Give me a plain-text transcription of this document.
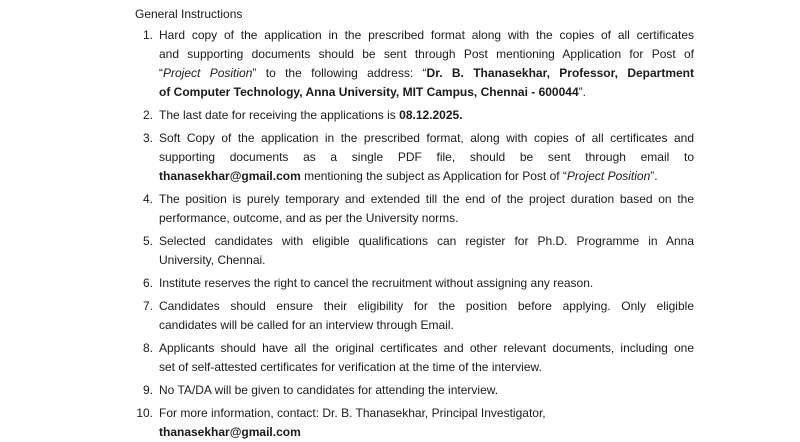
General Instructions
1. Hard copy of the application in the prescribed format along with the copies of all certificates
and supporting documents should be sent through Post mentioning Application for Post of
“Project Position” to the following address: “Dr. B. Thanasekhar, Professor, Department
of Computer Technology, Anna University, MIT Campus, Chennai - 600044”.
2. The last date for receiving the applications is 08.12.2025.
3. Soft Copy of the application in the prescribed format, along with copies of all certificates and
supporting documents as a single PDF file, should be sent through email to
thanasekhar@gmail.com mentioning the subject as Application for Post of “Project Position”.
4. The position is purely temporary and extended till the end of the project duration based on the
performance, outcome, and as per the University norms.
5. Selected candidates with eligible qualifications can register for Ph.D. Programme in Anna
University, Chennai.
6. Institute reserves the right to cancel the recruitment without assigning any reason.
7. Candidates should ensure their eligibility for the position before applying. Only eligible
candidates will be called for an interview through Email.
8. Applicants should have all the original certificates and other relevant documents, including one
set of self-attested certificates for verification at the time of the interview.
9. No TA/DA will be given to candidates for attending the interview.
10. For more information, contact: Dr. B. Thanasekhar, Principal Investigator,
thanasekhar@gmail.com
